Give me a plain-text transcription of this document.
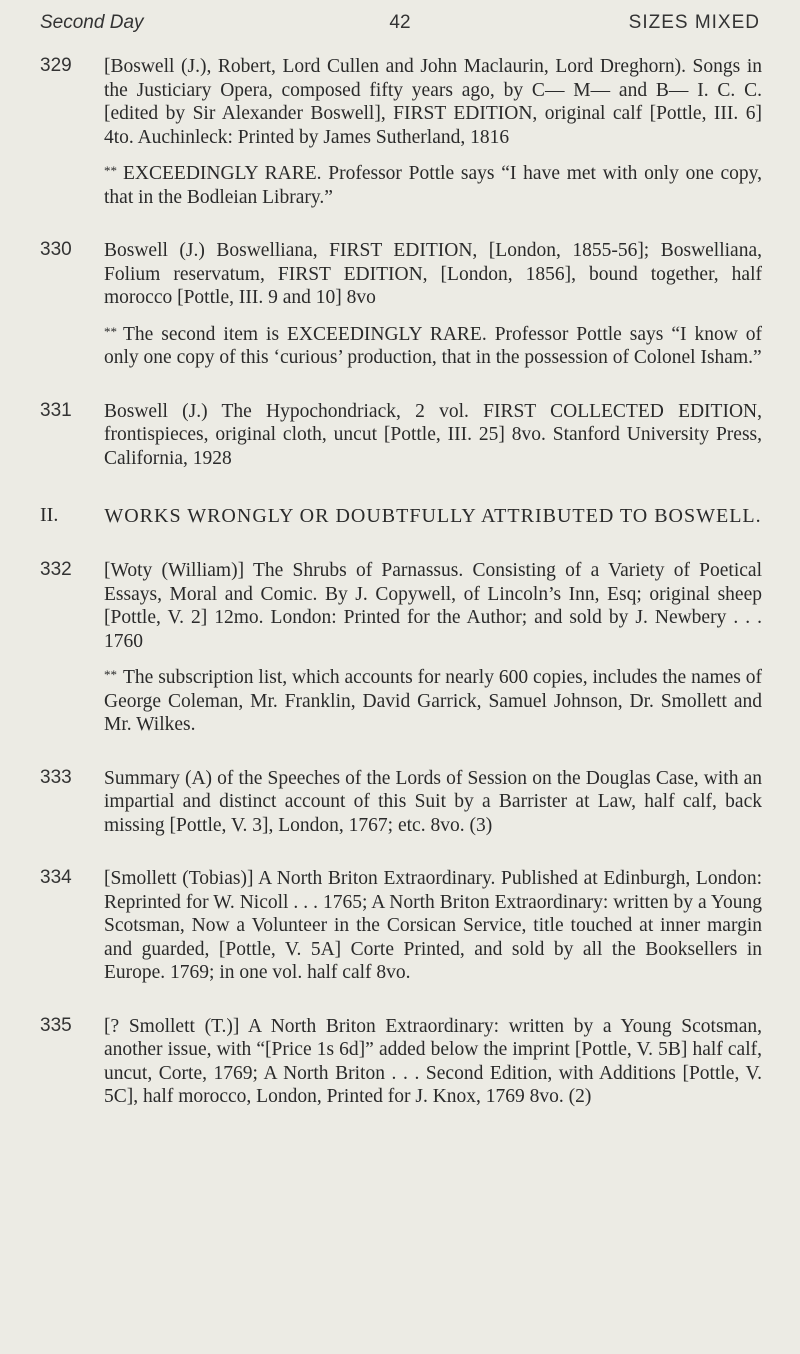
Second Day	42	SIZES MIXED
329 [Boswell (J.), Robert, Lord Cullen and John Maclaurin, Lord Dreghorn). Songs in the Justiciary Opera, composed fifty years ago, by C— M— and B— I. C. C. [edited by Sir Alexander Boswell], FIRST EDITION, original calf [Pottle, III. 6] 4to. Auchinleck: Printed by James Sutherland, 1816
** EXCEEDINGLY RARE. Professor Pottle says “I have met with only one copy, that in the Bodleian Library.”
330 Boswell (J.) Boswelliana, FIRST EDITION, [London, 1855-56]; Boswelliana, Folium reservatum, FIRST EDITION, [London, 1856], bound together, half morocco [Pottle, III. 9 and 10] 8vo
** The second item is EXCEEDINGLY RARE. Professor Pottle says “I know of only one copy of this ‘curious’ production, that in the possession of Colonel Isham.”
331 Boswell (J.) The Hypochondriack, 2 vol. FIRST COLLECTED EDITION, frontispieces, original cloth, uncut [Pottle, III. 25] 8vo. Stanford University Press, California, 1928
II. WORKS WRONGLY OR DOUBTFULLY ATTRIBUTED TO BOSWELL.
332 [Woty (William)] The Shrubs of Parnassus. Consisting of a Variety of Poetical Essays, Moral and Comic. By J. Copywell, of Lincoln’s Inn, Esq; original sheep [Pottle, V. 2] 12mo. London: Printed for the Author; and sold by J. Newbery . . . 1760
** The subscription list, which accounts for nearly 600 copies, includes the names of George Coleman, Mr. Franklin, David Garrick, Samuel Johnson, Dr. Smollett and Mr. Wilkes.
333 Summary (A) of the Speeches of the Lords of Session on the Douglas Case, with an impartial and distinct account of this Suit by a Barrister at Law, half calf, back missing [Pottle, V. 3], London, 1767; etc. 8vo. (3)
334 [Smollett (Tobias)] A North Briton Extraordinary. Published at Edinburgh, London: Reprinted for W. Nicoll . . . 1765; A North Briton Extraordinary: written by a Young Scotsman, Now a Volunteer in the Corsican Service, title touched at inner margin and guarded, [Pottle, V. 5A] Corte Printed, and sold by all the Booksellers in Europe. 1769; in one vol. half calf 8vo.
335 [? Smollett (T.)] A North Briton Extraordinary: written by a Young Scotsman, another issue, with “[Price 1s 6d]” added below the imprint [Pottle, V. 5B] half calf, uncut, Corte, 1769; A North Briton . . . Second Edition, with Additions [Pottle, V. 5C], half morocco, London, Printed for J. Knox, 1769 8vo. (2)
